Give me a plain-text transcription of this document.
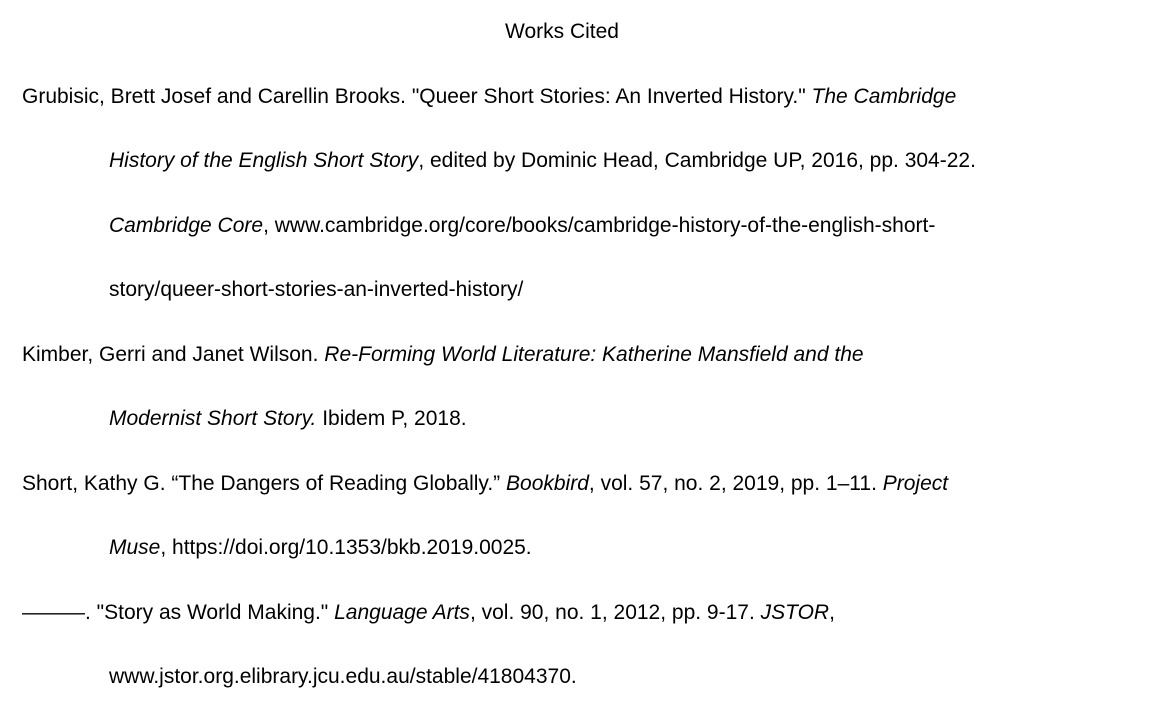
Works Cited
Grubisic, Brett Josef and Carellin Brooks. "Queer Short Stories: An Inverted History." The Cambridge
History of the English Short Story, edited by Dominic Head, Cambridge UP, 2016, pp. 304-22.
Cambridge Core, www.cambridge.org/core/books/cambridge-history-of-the-english-short-
story/queer-short-stories-an-inverted-history/
Kimber, Gerri and Janet Wilson. Re-Forming World Literature: Katherine Mansfield and the
Modernist Short Story. Ibidem P, 2018.
Short, Kathy G. “The Dangers of Reading Globally.” Bookbird, vol. 57, no. 2, 2019, pp. 1–11. Project
Muse, https://doi.org/10.1353/bkb.2019.0025.
———. "Story as World Making." Language Arts, vol. 90, no. 1, 2012, pp. 9-17. JSTOR,
www.jstor.org.elibrary.jcu.edu.au/stable/41804370.
